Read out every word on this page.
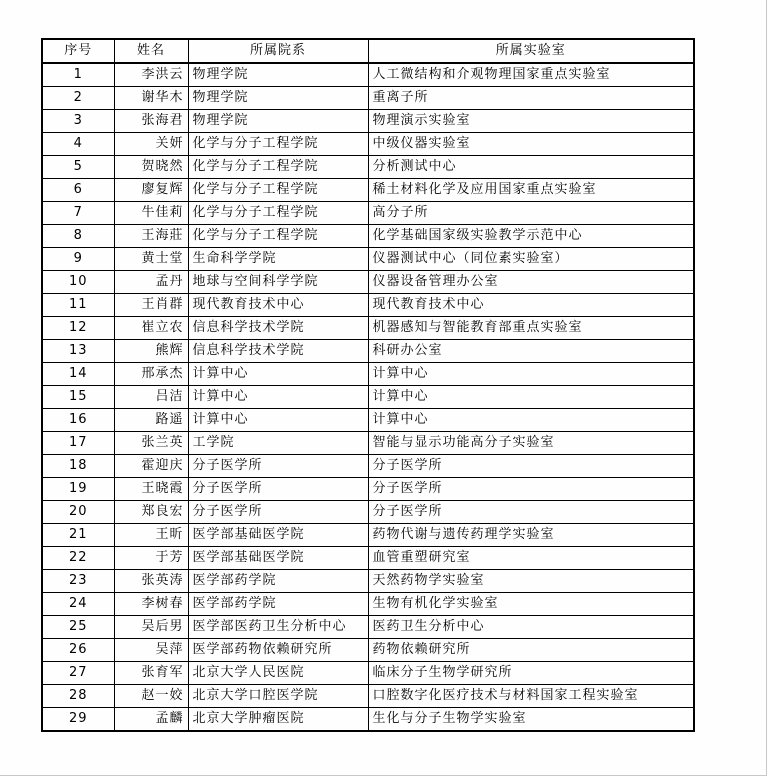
序号	姓名	所属院系	所属实验室
1	李洪云	物理学院	人工微结构和介观物理国家重点实验室
2	谢华木	物理学院	重离子所
3	张海君	物理学院	物理演示实验室
4	关妍	化学与分子工程学院	中级仪器实验室
5	贺晓然	化学与分子工程学院	分析测试中心
6	廖复辉	化学与分子工程学院	稀土材料化学及应用国家重点实验室
7	牛佳莉	化学与分子工程学院	高分子所
8	王海莊	化学与分子工程学院	化学基础国家级实验教学示范中心
9	黄士堂	生命科学学院	仪器测试中心（同位素实验室）
10	孟丹	地球与空间科学学院	仪器设备管理办公室
11	王肖群	现代教育技术中心	现代教育技术中心
12	崔立农	信息科学技术学院	机器感知与智能教育部重点实验室
13	熊辉	信息科学技术学院	科研办公室
14	邢承杰	计算中心	计算中心
15	吕洁	计算中心	计算中心
16	路遥	计算中心	计算中心
17	张兰英	工学院	智能与显示功能高分子实验室
18	霍迎庆	分子医学所	分子医学所
19	王晓霞	分子医学所	分子医学所
20	郑良宏	分子医学所	分子医学所
21	王昕	医学部基础医学院	药物代谢与遗传药理学实验室
22	于芳	医学部基础医学院	血管重塑研究室
23	张英涛	医学部药学院	天然药物学实验室
24	李树春	医学部药学院	生物有机化学实验室
25	吴后男	医学部医药卫生分析中心	医药卫生分析中心
26	吴萍	医学部药物依赖研究所	药物依赖研究所
27	张育军	北京大学人民医院	临床分子生物学研究所
28	赵一姣	北京大学口腔医学院	口腔数字化医疗技术与材料国家工程实验室
29	孟麟	北京大学肿瘤医院	生化与分子生物学实验室
